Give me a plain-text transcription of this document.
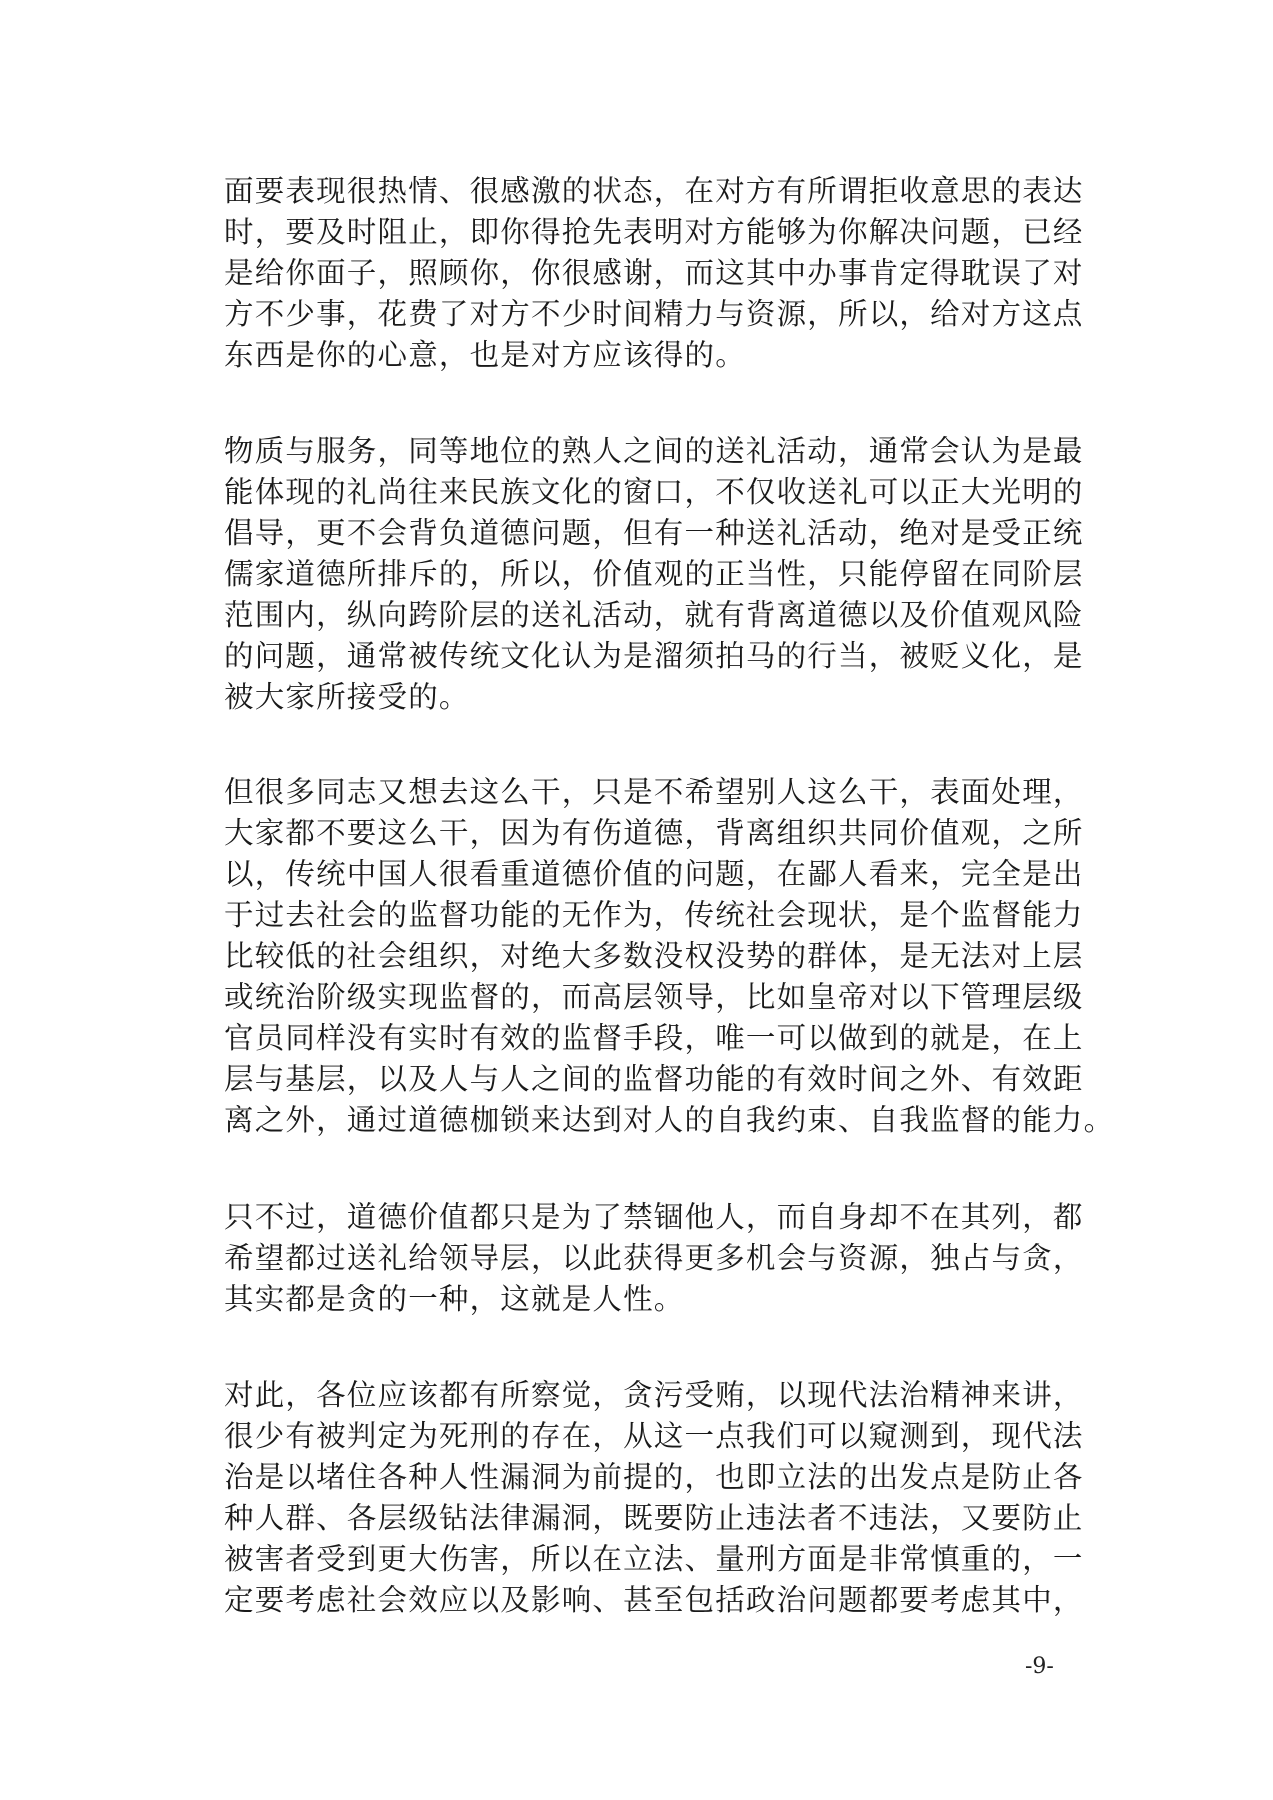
面要表现很热情、很感激的状态，在对方有所谓拒收意思的表达
时，要及时阻止，即你得抢先表明对方能够为你解决问题，已经
是给你面子，照顾你，你很感谢，而这其中办事肯定得耽误了对
方不少事，花费了对方不少时间精力与资源，所以，给对方这点
东西是你的心意，也是对方应该得的。

物质与服务，同等地位的熟人之间的送礼活动，通常会认为是最
能体现的礼尚往来民族文化的窗口，不仅收送礼可以正大光明的
倡导，更不会背负道德问题，但有一种送礼活动，绝对是受正统
儒家道德所排斥的，所以，价值观的正当性，只能停留在同阶层
范围内，纵向跨阶层的送礼活动，就有背离道德以及价值观风险
的问题，通常被传统文化认为是溜须拍马的行当，被贬义化，是
被大家所接受的。

但很多同志又想去这么干，只是不希望别人这么干，表面处理，
大家都不要这么干，因为有伤道德，背离组织共同价值观，之所
以，传统中国人很看重道德价值的问题，在鄙人看来，完全是出
于过去社会的监督功能的无作为，传统社会现状，是个监督能力
比较低的社会组织，对绝大多数没权没势的群体，是无法对上层
或统治阶级实现监督的，而高层领导，比如皇帝对以下管理层级
官员同样没有实时有效的监督手段，唯一可以做到的就是，在上
层与基层，以及人与人之间的监督功能的有效时间之外、有效距
离之外，通过道德枷锁来达到对人的自我约束、自我监督的能力。

只不过，道德价值都只是为了禁锢他人，而自身却不在其列，都
希望都过送礼给领导层，以此获得更多机会与资源，独占与贪，
其实都是贪的一种，这就是人性。

对此，各位应该都有所察觉，贪污受贿，以现代法治精神来讲，
很少有被判定为死刑的存在，从这一点我们可以窥测到，现代法
治是以堵住各种人性漏洞为前提的，也即立法的出发点是防止各
种人群、各层级钻法律漏洞，既要防止违法者不违法，又要防止
被害者受到更大伤害，所以在立法、量刑方面是非常慎重的，一
定要考虑社会效应以及影响、甚至包括政治问题都要考虑其中，

-9-
